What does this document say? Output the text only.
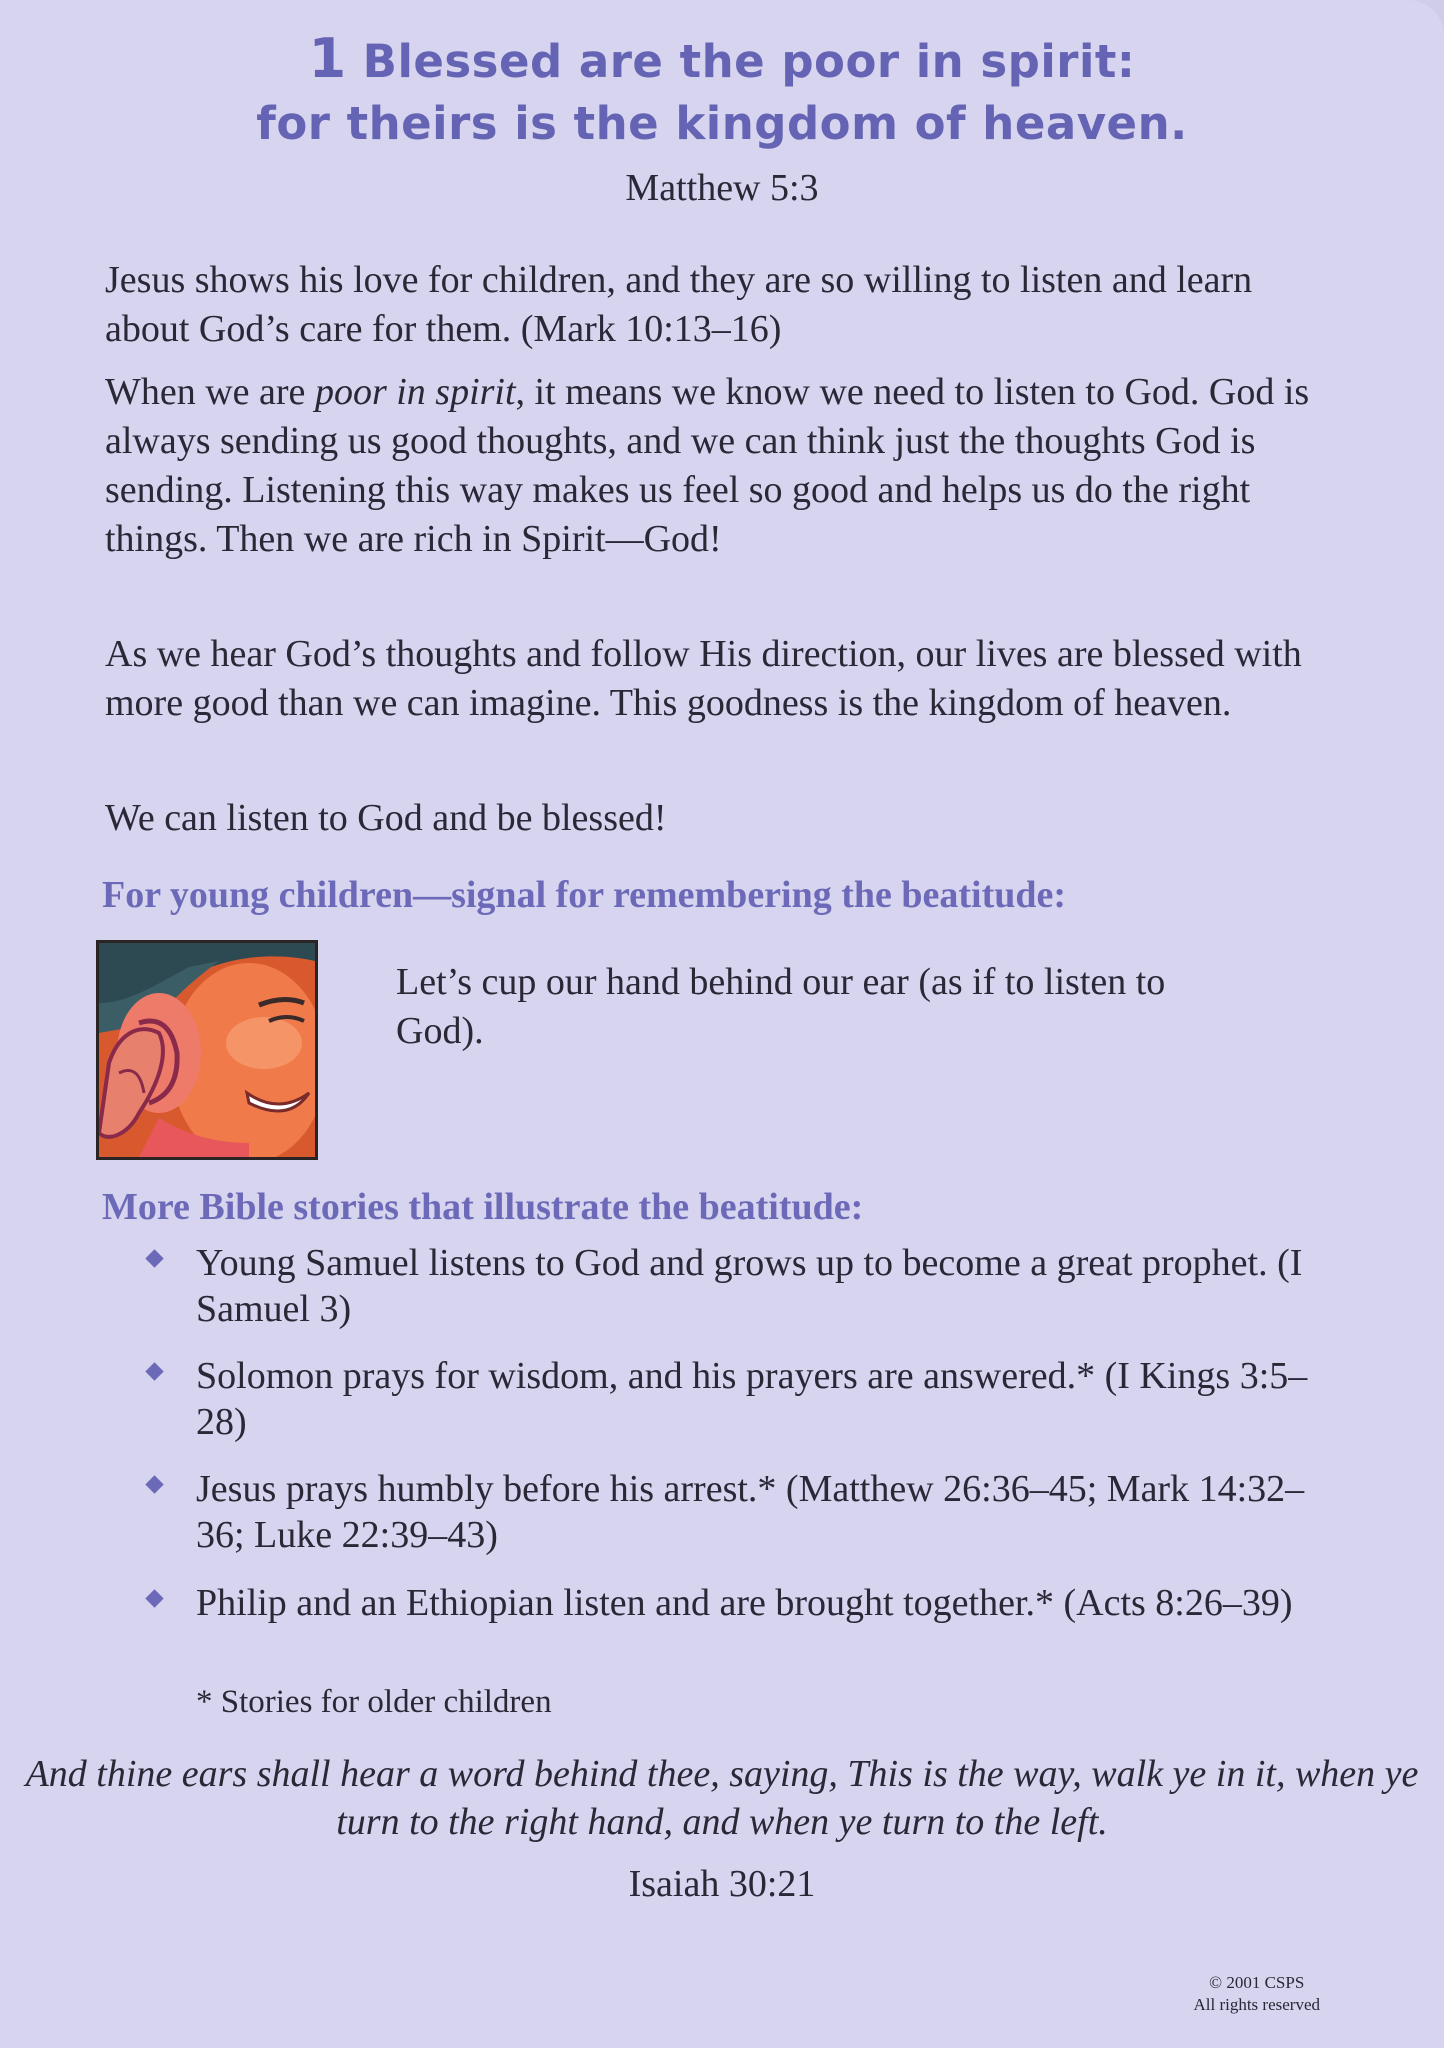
1 Blessed are the poor in spirit:
for theirs is the kingdom of heaven.
Matthew 5:3
Jesus shows his love for children, and they are so willing to listen and learn about God’s care for them. (Mark 10:13–16)
When we are poor in spirit, it means we know we need to listen to God. God is always sending us good thoughts, and we can think just the thoughts God is sending. Listening this way makes us feel so good and helps us do the right things. Then we are rich in Spirit—God!
As we hear God’s thoughts and follow His direction, our lives are blessed with more good than we can imagine. This goodness is the kingdom of heaven.
We can listen to God and be blessed!
For young children—signal for remembering the beatitude:
Let’s cup our hand behind our ear (as if to listen to God).
More Bible stories that illustrate the beatitude:
Young Samuel listens to God and grows up to become a great prophet. (I Samuel 3)
Solomon prays for wisdom, and his prayers are answered.* (I Kings 3:5–28)
Jesus prays humbly before his arrest.* (Matthew 26:36–45; Mark 14:32–36; Luke 22:39–43)
Philip and an Ethiopian listen and are brought together.* (Acts 8:26–39)
* Stories for older children
And thine ears shall hear a word behind thee, saying, This is the way, walk ye in it, when ye turn to the right hand, and when ye turn to the left.
Isaiah 30:21
© 2001 CSPS
All rights reserved
